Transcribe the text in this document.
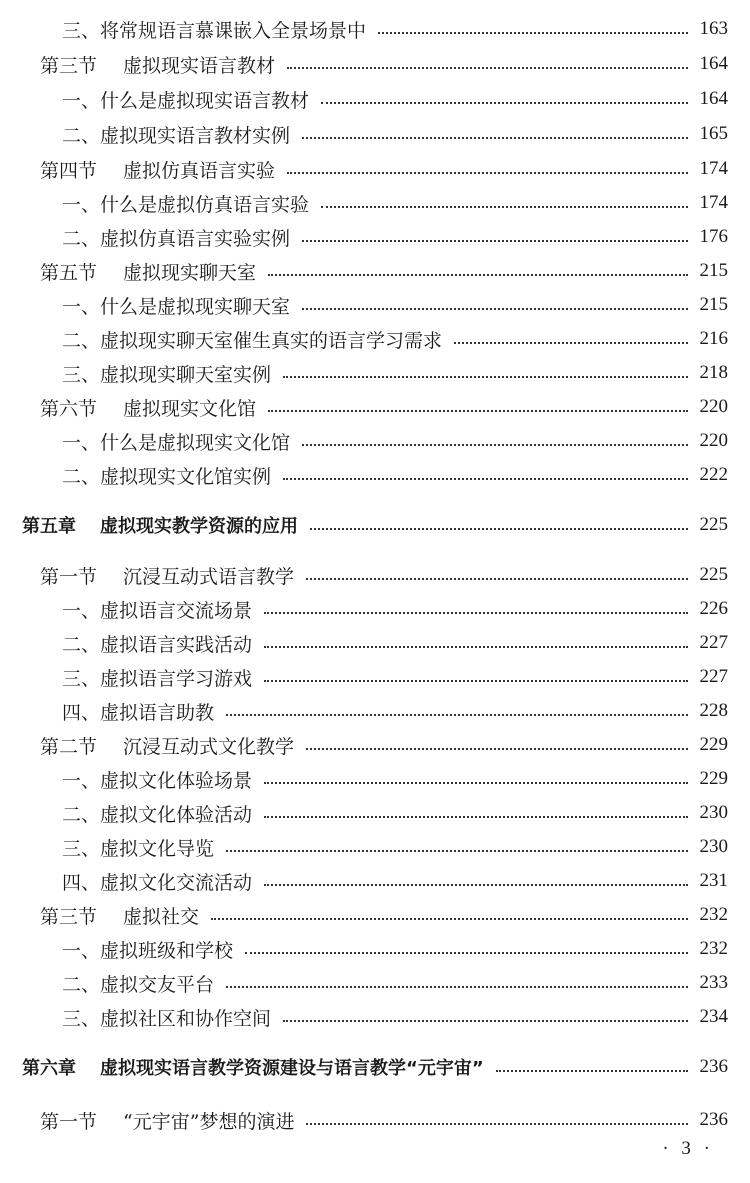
三、将常规语言慕课嵌入全景场景中	163
第三节 虚拟现实语言教材	164
一、什么是虚拟现实语言教材	164
二、虚拟现实语言教材实例	165
第四节 虚拟仿真语言实验	174
一、什么是虚拟仿真语言实验	174
二、虚拟仿真语言实验实例	176
第五节 虚拟现实聊天室	215
一、什么是虚拟现实聊天室	215
二、虚拟现实聊天室催生真实的语言学习需求	216
三、虚拟现实聊天室实例	218
第六节 虚拟现实文化馆	220
一、什么是虚拟现实文化馆	220
二、虚拟现实文化馆实例	222
第五章 虚拟现实教学资源的应用	225
第一节 沉浸互动式语言教学	225
一、虚拟语言交流场景	226
二、虚拟语言实践活动	227
三、虚拟语言学习游戏	227
四、虚拟语言助教	228
第二节 沉浸互动式文化教学	229
一、虚拟文化体验场景	229
二、虚拟文化体验活动	230
三、虚拟文化导览	230
四、虚拟文化交流活动	231
第三节 虚拟社交	232
一、虚拟班级和学校	232
二、虚拟交友平台	233
三、虚拟社区和协作空间	234
第六章 虚拟现实语言教学资源建设与语言教学“元宇宙”	236
第一节 “元宇宙”梦想的演进	236
· 3 ·
